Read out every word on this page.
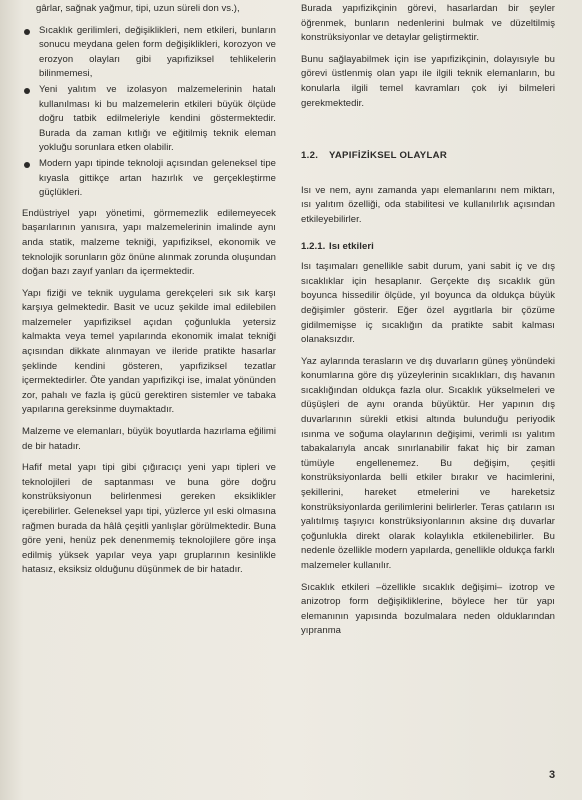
gârlar, sağnak yağmur, tipi, uzun süreli don vs.),

Sıcaklık gerilimleri, değişiklikleri, nem etkileri, bunların sonucu meydana gelen form değişiklikleri, korozyon ve erozyon olayları gibi yapıfiziksel tehlikelerin bilinmemesi,
Yeni yalıtım ve izolasyon malzemelerinin hatalı kullanılması ki bu malzemelerin etkileri büyük ölçüde doğru tatbik edilmeleriyle kendini göstermektedir. Burada da zaman kıtlığı ve eğitilmiş teknik eleman yokluğu sorunlara etken olabilir.
Modern yapı tipinde teknoloji açısından geleneksel tipe kıyasla gittikçe artan hazırlık ve gerçekleştirme güçlükleri.

Endüstriyel yapı yönetimi, görmemezlik edilemeyecek başarılarının yanısıra, yapı malzemelerinin imalinde aynı anda statik, malzeme tekniği, yapıfiziksel, ekonomik ve teknolojik sorunların göz önüne alınmak zorunda oluşundan doğan bazı zayıf yanları da içermektedir.

Yapı fiziği ve teknik uygulama gerekçeleri sık sık karşı karşıya gelmektedir. Basit ve ucuz şekilde imal edilebilen malzemeler yapıfiziksel açıdan çoğunlukla yetersiz kalmakta veya temel yapılarında ekonomik imalat tekniği açısından dikkate alınmayan ve ileride pratikte hasarlar şeklinde kendini gösteren, yapıfiziksel tezatlar içermektedirler. Öte yandan yapıfizikçi ise, imalat yönünden zor, pahalı ve fazla iş gücü gerektiren sistemler ve tabaka yapılarına gereksinme duymaktadır.

Malzeme ve elemanları, büyük boyutlarda hazırlama eğilimi de bir hatadır.

Hafif metal yapı tipi gibi çığıracıçı yeni yapı tipleri ve teknolojileri de saptanması ve buna göre doğru konstrüksiyonun belirlenmesi gereken eksiklikler içerebilirler. Geleneksel yapı tipi, yüzlerce yıl eski olmasına rağmen burada da hâlâ çeşitli yanlışlar görülmektedir. Buna göre yeni, henüz pek denenmemiş teknolojilere göre inşa edilmiş yüksek yapılar veya yapı gruplarının kesinlikle hatasız, eksiksiz olduğunu düşünmek de bir hatadır.

Burada yapıfizikçinin görevi, hasarlardan bir şeyler öğrenmek, bunların nedenlerini bulmak ve düzeltilmiş konstrüksiyonlar ve detaylar geliştirmektir.

Bunu sağlayabilmek için ise yapıfizikçinin, dolayısıyle bu görevi üstlenmiş olan yapı ile ilgili teknik elemanların, bu konularla ilgili temel kavramları çok iyi bilmeleri gerekmektedir.

1.2. YAPIFİZİKSEL OLAYLAR

Isı ve nem, aynı zamanda yapı elemanlarını nem miktarı, ısı yalıtım özelliği, oda stabilitesi ve kullanılırlık açısından etkileyebilirler.

1.2.1. Isı etkileri

Isı taşımaları genellikle sabit durum, yani sabit iç ve dış sıcaklıklar için hesaplanır. Gerçekte dış sıcaklık gün boyunca hissedilir ölçüde, yıl boyunca da oldukça büyük değişimler gösterir. Eğer özel aygıtlarla bir çözüme gidilmemişse iç sıcaklığın da pratikte sabit kalması olanaksızdır.

Yaz aylarında terasların ve dış duvarların güneş yönündeki konumlarına göre dış yüzeylerinin sıcaklıkları, dış havanın sıcaklığından oldukça fazla olur. Sıcaklık yükselmeleri ve düşüşleri de aynı oranda büyüktür. Her yapının dış duvarlarının sürekli etkisi altında bulunduğu periyodik ısınma ve soğuma olaylarının değişimi, verimli ısı yalıtım tabakalarıyla ancak sınırlanabilir fakat hiç bir zaman tümüyle engellenemez. Bu değişim, çeşitli konstrüksiyonlarda belli etkiler bırakır ve hacimlerini, şekillerini, hareket etmelerini ve hareketsiz konstrüksiyonlarda gerilimlerini belirlerler. Teras çatıların ısı yalıtılmış taşıyıcı konstrüksiyonlarının aksine dış duvarlar çoğunlukla direkt olarak kolaylıkla etkilenebilirler. Bu nedenle özellikle modern yapılarda, genellikle oldukça farklı malzemeler kullanılır.

Sıcaklık etkileri –özellikle sıcaklık değişimi– izotrop ve anizotrop form değişikliklerine, böylece her tür yapı elemanının yapısında bozulmalara neden olduklarından yıpranma

3
